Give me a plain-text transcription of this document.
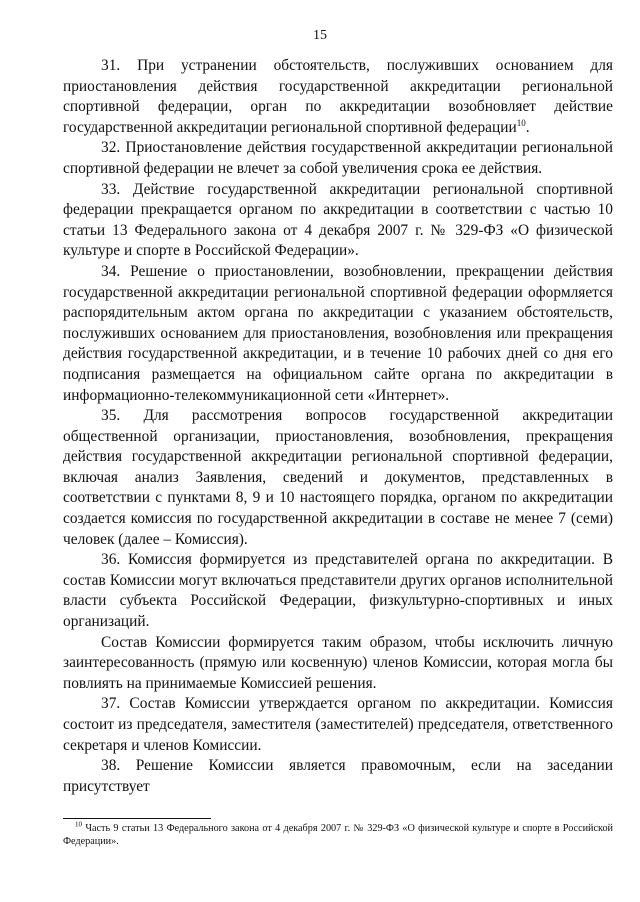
15

31. При устранении обстоятельств, послуживших основанием для приостановления действия государственной аккредитации региональной спортивной федерации, орган по аккредитации возобновляет действие государственной аккредитации региональной спортивной федерации$^{10}$.

32. Приостановление действия государственной аккредитации региональной спортивной федерации не влечет за собой увеличения срока ее действия.

33. Действие государственной аккредитации региональной спортивной федерации прекращается органом по аккредитации в соответствии с частью 10 статьи 13 Федерального закона от 4 декабря 2007 г. № 329-ФЗ «О физической культуре и спорте в Российской Федерации».

34. Решение о приостановлении, возобновлении, прекращении действия государственной аккредитации региональной спортивной федерации оформляется распорядительным актом органа по аккредитации с указанием обстоятельств, послуживших основанием для приостановления, возобновления или прекращения действия государственной аккредитации, и в течение 10 рабочих дней со дня его подписания размещается на официальном сайте органа по аккредитации в информационно-телекоммуникационной сети «Интернет».

35. Для рассмотрения вопросов государственной аккредитации общественной организации, приостановления, возобновления, прекращения действия государственной аккредитации региональной спортивной федерации, включая анализ Заявления, сведений и документов, представленных в соответствии с пунктами 8, 9 и 10 настоящего порядка, органом по аккредитации создается комиссия по государственной аккредитации в составе не менее 7 (семи) человек (далее – Комиссия).

36. Комиссия формируется из представителей органа по аккредитации. В состав Комиссии могут включаться представители других органов исполнительной власти субъекта Российской Федерации, физкультурно-спортивных и иных организаций.

Состав Комиссии формируется таким образом, чтобы исключить личную заинтересованность (прямую или косвенную) членов Комиссии, которая могла бы повлиять на принимаемые Комиссией решения.

37. Состав Комиссии утверждается органом по аккредитации. Комиссия состоит из председателя, заместителя (заместителей) председателя, ответственного секретаря и членов Комиссии.

38. Решение Комиссии является правомочным, если на заседании присутствует

$^{10}$ Часть 9 статьи 13 Федерального закона от 4 декабря 2007 г. № 329-ФЗ «О физической культуре и спорте в Российской Федерации».
